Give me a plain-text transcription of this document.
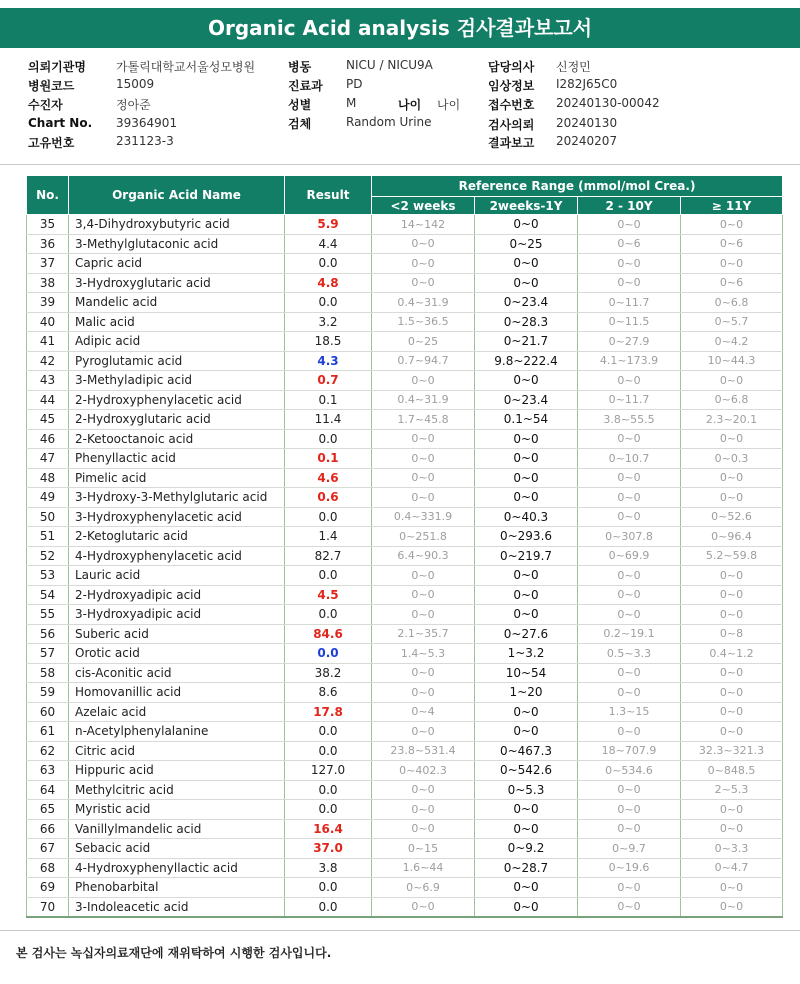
Organic Acid analysis 검사결과보고서
의뢰기관명	가톨릭대학교서울성모병원
병원코드	15009
수진자	정아준
Chart No. 39364901
고유번호	231123-3
병동	NICU / NICU9A
진료과 PD
성별	M	나이 나이
검체	Random Urine
담당의사 신정민
임상정보 I282J65C0
접수번호 20240130-00042
검사의뢰 20240130
결과보고 20240207
No.	Organic Acid Name	Result	Reference Range (mmol/mol Crea.)			
			<2 weeks	2weeks-1Y	2 - 10Y	≥ 11Y
35	3,4-Dihydroxybutyric acid	5.9	14~142	0~0	0~0	0~0
36	3-Methylglutaconic acid	4.4	0~0	0~25	0~6	0~6
37	Capric acid	0.0	0~0	0~0	0~0	0~0
38	3-Hydroxyglutaric acid	4.8	0~0	0~0	0~0	0~6
39	Mandelic acid	0.0	0.4~31.9	0~23.4	0~11.7	0~6.8
40	Malic acid	3.2	1.5~36.5	0~28.3	0~11.5	0~5.7
41	Adipic acid	18.5	0~25	0~21.7	0~27.9	0~4.2
42	Pyroglutamic acid	4.3	0.7~94.7	9.8~222.4	4.1~173.9	10~44.3
43	3-Methyladipic acid	0.7	0~0	0~0	0~0	0~0
44	2-Hydroxyphenylacetic acid	0.1	0.4~31.9	0~23.4	0~11.7	0~6.8
45	2-Hydroxyglutaric acid	11.4	1.7~45.8	0.1~54	3.8~55.5	2.3~20.1
46	2-Ketooctanoic acid	0.0	0~0	0~0	0~0	0~0
47	Phenyllactic acid	0.1	0~0	0~0	0~10.7	0~0.3
48	Pimelic acid	4.6	0~0	0~0	0~0	0~0
49	3-Hydroxy-3-Methylglutaric acid	0.6	0~0	0~0	0~0	0~0
50	3-Hydroxyphenylacetic acid	0.0	0.4~331.9	0~40.3	0~0	0~52.6
51	2-Ketoglutaric acid	1.4	0~251.8	0~293.6	0~307.8	0~96.4
52	4-Hydroxyphenylacetic acid	82.7	6.4~90.3	0~219.7	0~69.9	5.2~59.8
53	Lauric acid	0.0	0~0	0~0	0~0	0~0
54	2-Hydroxyadipic acid	4.5	0~0	0~0	0~0	0~0
55	3-Hydroxyadipic acid	0.0	0~0	0~0	0~0	0~0
56	Suberic acid	84.6	2.1~35.7	0~27.6	0.2~19.1	0~8
57	Orotic acid	0.0	1.4~5.3	1~3.2	0.5~3.3	0.4~1.2
58	cis-Aconitic acid	38.2	0~0	10~54	0~0	0~0
59	Homovanillic acid	8.6	0~0	1~20	0~0	0~0
60	Azelaic acid	17.8	0~4	0~0	1.3~15	0~0
61	n-Acetylphenylalanine	0.0	0~0	0~0	0~0	0~0
62	Citric acid	0.0	23.8~531.4	0~467.3	18~707.9	32.3~321.3
63	Hippuric acid	127.0	0~402.3	0~542.6	0~534.6	0~848.5
64	Methylcitric acid	0.0	0~0	0~5.3	0~0	2~5.3
65	Myristic acid	0.0	0~0	0~0	0~0	0~0
66	Vanillylmandelic acid	16.4	0~0	0~0	0~0	0~0
67	Sebacic acid	37.0	0~15	0~9.2	0~9.7	0~3.3
68	4-Hydroxyphenyllactic acid	3.8	1.6~44	0~28.7	0~19.6	0~4.7
69	Phenobarbital	0.0	0~6.9	0~0	0~0	0~0
70	3-Indoleacetic acid	0.0	0~0	0~0	0~0	0~0
본 검사는 녹십자의료재단에 재위탁하여 시행한 검사입니다.
